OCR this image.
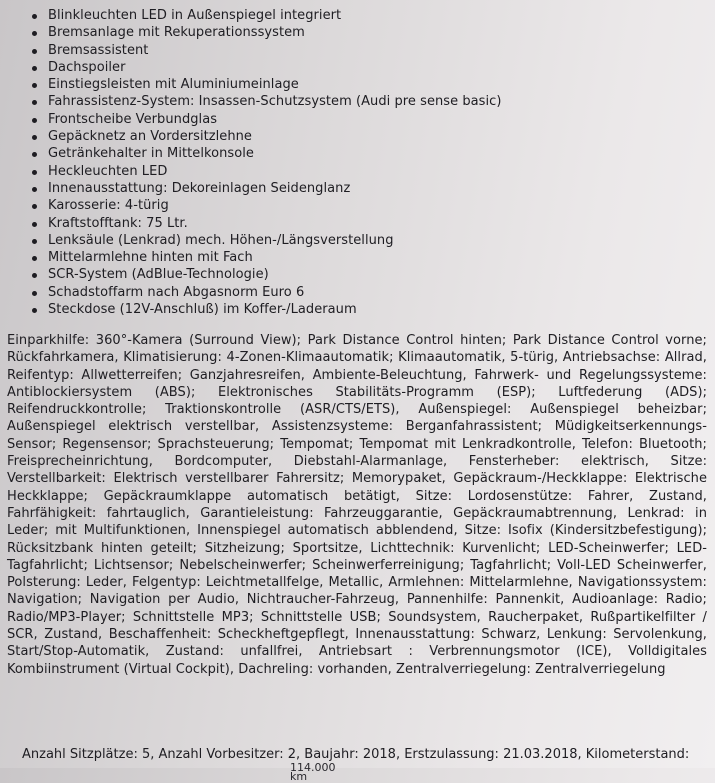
Blinkleuchten LED in Außenspiegel integriert
Bremsanlage mit Rekuperationssystem
Bremsassistent
Dachspoiler
Einstiegsleisten mit Aluminiumeinlage
Fahrassistenz-System: Insassen-Schutzsystem (Audi pre sense basic)
Frontscheibe Verbundglas
Gepäcknetz an Vordersitzlehne
Getränkehalter in Mittelkonsole
Heckleuchten LED
Innenausstattung: Dekoreinlagen Seidenglanz
Karosserie: 4-türig
Kraftstofftank: 75 Ltr.
Lenksäule (Lenkrad) mech. Höhen-/Längsverstellung
Mittelarmlehne hinten mit Fach
SCR-System (AdBlue-Technologie)
Schadstoffarm nach Abgasnorm Euro 6
Steckdose (12V-Anschluß) im Koffer-/Laderaum

Einparkhilfe: 360°-Kamera (Surround View); Park Distance Control hinten; Park Distance Control vorne; Rückfahrkamera, Klimatisierung: 4-Zonen-Klimaautomatik; Klimaautomatik, 5-türig, Antriebsachse: Allrad, Reifentyp: Allwetterreifen; Ganzjahresreifen, Ambiente-Beleuchtung, Fahrwerk- und Regelungssysteme: Antiblockiersystem (ABS); Elektronisches Stabilitäts-Programm (ESP); Luftfederung (ADS); Reifendruckkontrolle; Traktionskontrolle (ASR/CTS/ETS), Außenspiegel: Außenspiegel beheizbar; Außenspiegel elektrisch verstellbar, Assistenzsysteme: Berganfahrassistent; Müdigkeitserkennungs-Sensor; Regensensor; Sprachsteuerung; Tempomat; Tempomat mit Lenkradkontrolle, Telefon: Bluetooth; Freisprecheinrichtung, Bordcomputer, Diebstahl-Alarmanlage, Fensterheber: elektrisch, Sitze: Verstellbarkeit: Elektrisch verstellbarer Fahrersitz; Memorypaket, Gepäckraum-/Heckklappe: Elektrische Heckklappe; Gepäckraumklappe automatisch betätigt, Sitze: Lordosenstütze: Fahrer, Zustand, Fahrfähigkeit: fahrtauglich, Garantieleistung: Fahrzeuggarantie, Gepäckraumabtrennung, Lenkrad: in Leder; mit Multifunktionen, Innenspiegel automatisch abblendend, Sitze: Isofix (Kindersitzbefestigung); Rücksitzbank hinten geteilt; Sitzheizung; Sportsitze, Lichttechnik: Kurvenlicht; LED-Scheinwerfer; LED-Tagfahrlicht; Lichtsensor; Nebelscheinwerfer; Scheinwerferreinigung; Tagfahrlicht; Voll-LED Scheinwerfer, Polsterung: Leder, Felgentyp: Leichtmetallfelge, Metallic, Armlehnen: Mittelarmlehne, Navigationssystem: Navigation; Navigation per Audio, Nichtraucher-Fahrzeug, Pannenhilfe: Pannenkit, Audioanlage: Radio; Radio/MP3-Player; Schnittstelle MP3; Schnittstelle USB; Soundsystem, Raucherpaket, Rußpartikelfilter / SCR, Zustand, Beschaffenheit: Scheckheftgepflegt, Innenausstattung: Schwarz, Lenkung: Servolenkung, Start/Stop-Automatik, Zustand: unfallfrei, Antriebsart : Verbrennungsmotor (ICE), Volldigitales Kombiinstrument (Virtual Cockpit), Dachreling: vorhanden, Zentralverriegelung: Zentralverriegelung

Anzahl Sitzplätze: 5, Anzahl Vorbesitzer: 2, Baujahr: 2018, Erstzulassung: 21.03.2018, Kilometerstand:

114.000 km
